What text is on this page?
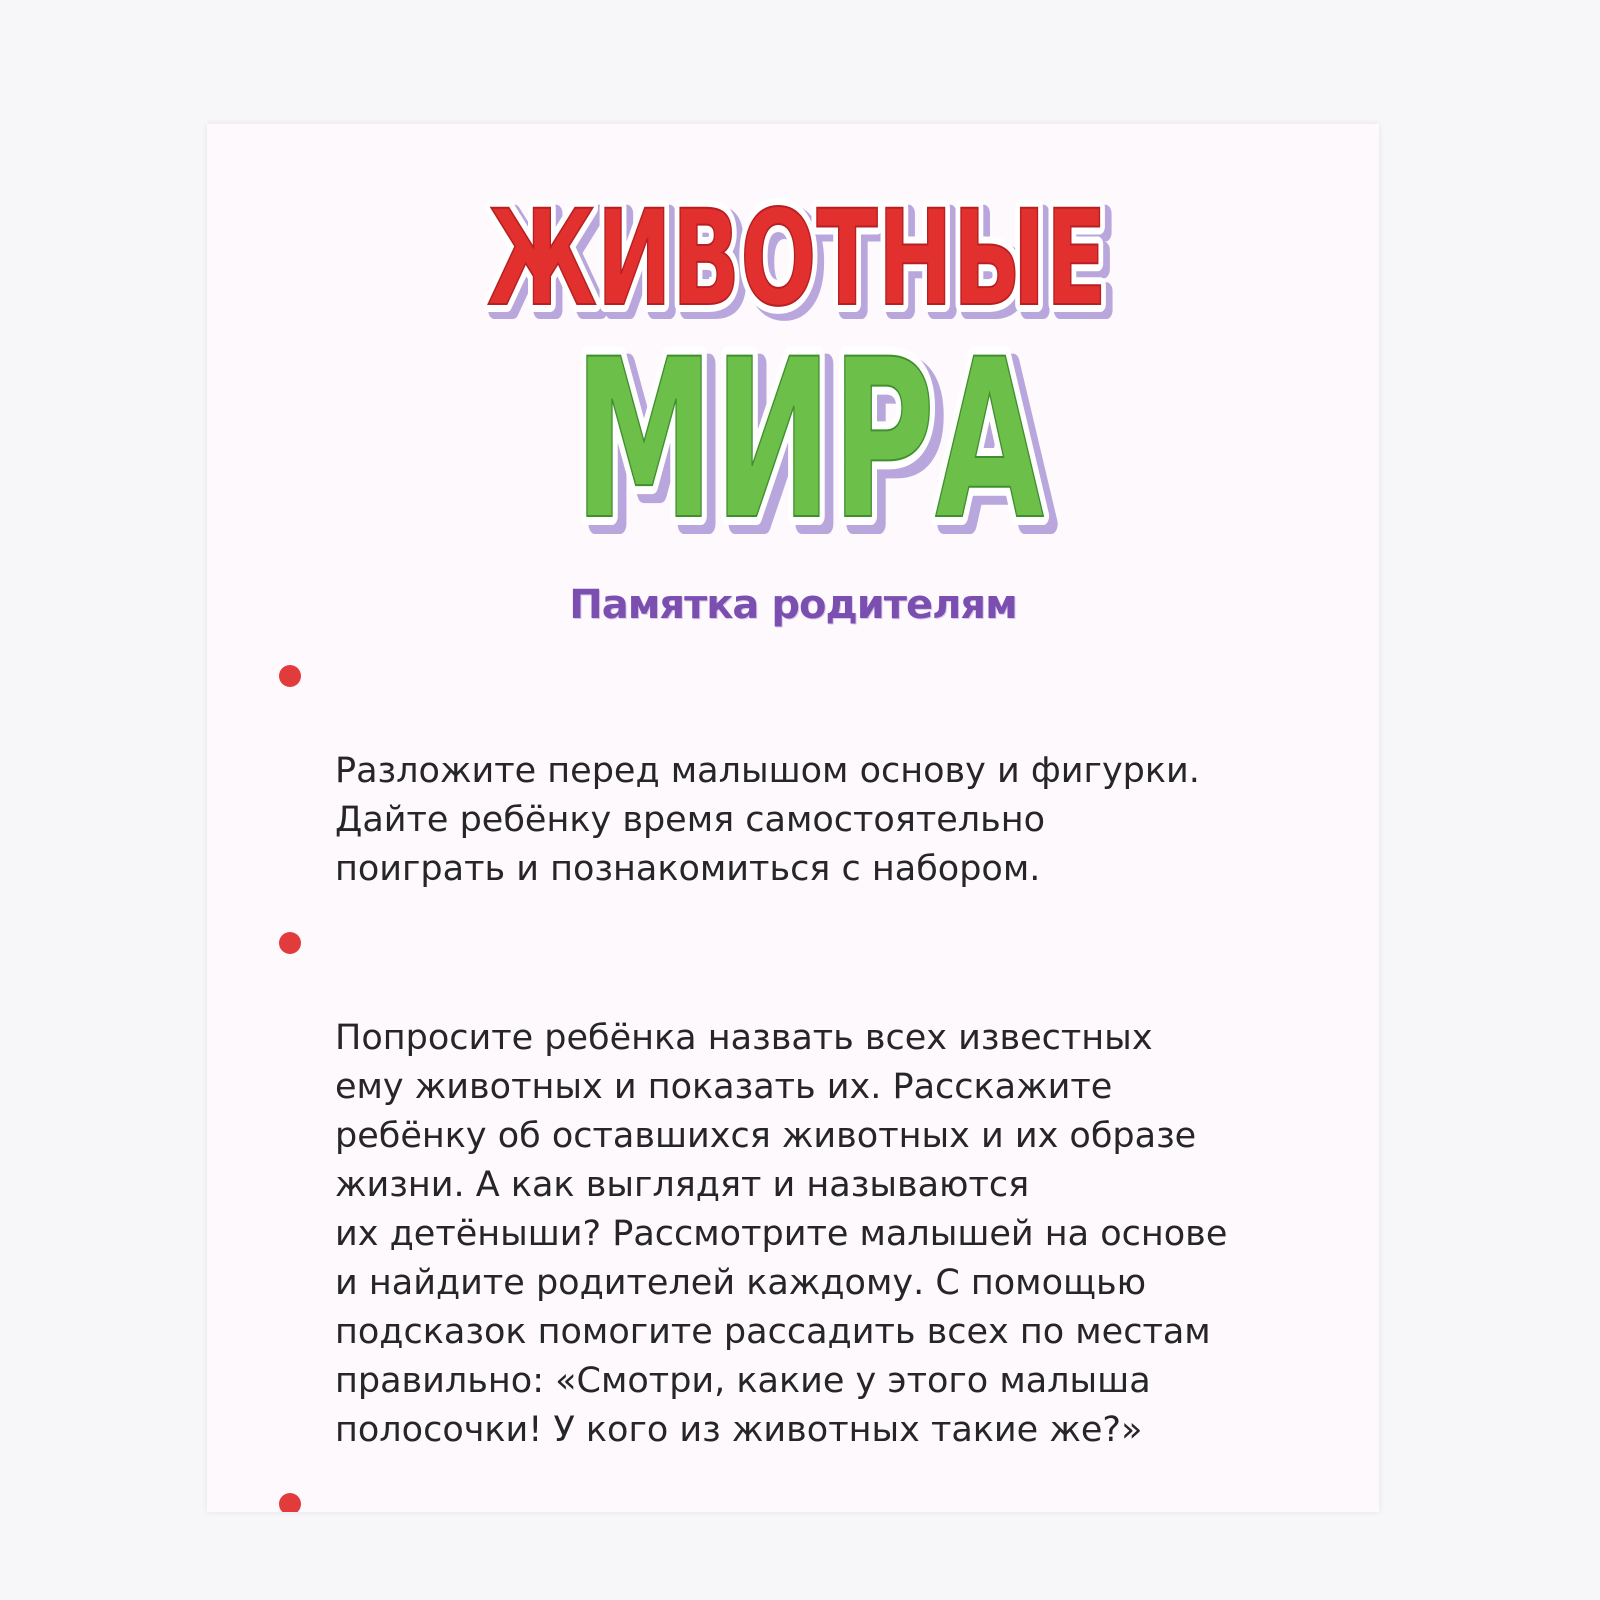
ЖИВОТНЫЕ
ЖИВОТНЫЕ
ЖИВОТНЫЕ
МИРА
МИРА
МИРА
Памятка родителям

Разложите перед малышом основу и фигурки.
Дайте ребёнку время самостоятельно
поиграть и познакомиться с набором.

Попросите ребёнка назвать всех известных
ему животных и показать их. Расскажите
ребёнку об оставшихся животных и их образе
жизни. А как выглядят и называются
их детёныши? Рассмотрите малышей на основе
и найдите родителей каждому. С помощью
подсказок помогите рассадить всех по местам
правильно: «Смотри, какие у этого малыша
полосочки! У кого из животных такие же?»
